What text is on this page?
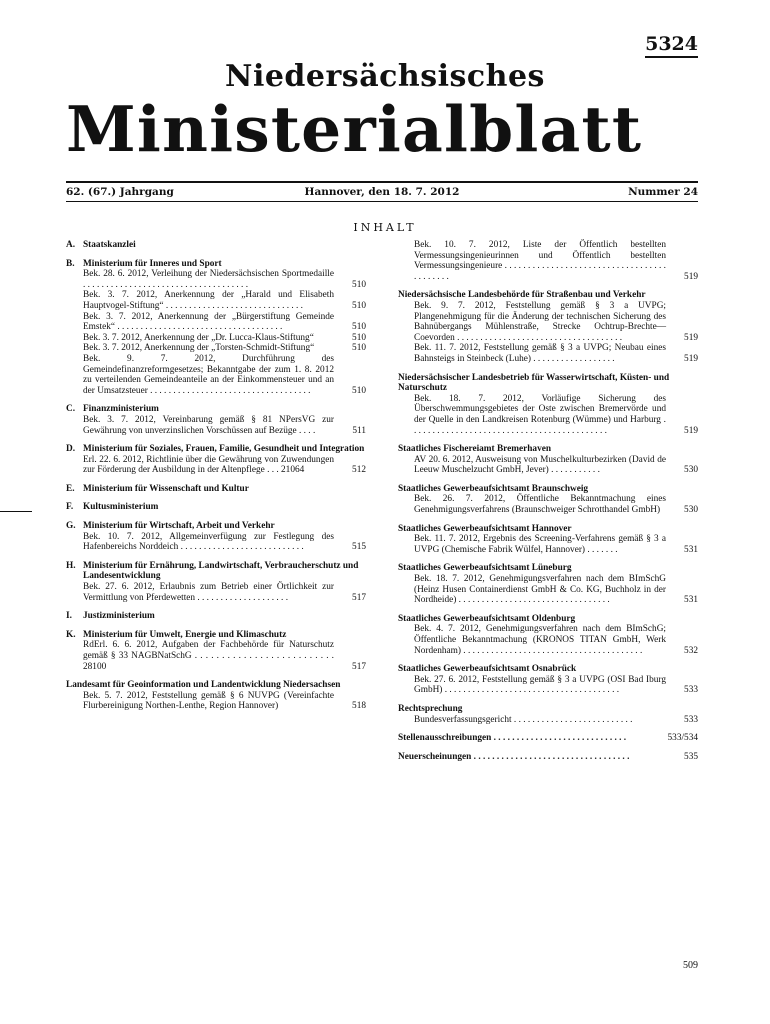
5324
Niedersächsisches
Ministerialblatt
62. (67.) Jahrgang	Hannover, den 18. 7. 2012	Nummer 24
INHALT
A. Staatskanzlei
B. Ministerium für Inneres und Sport
Bek. 28. 6. 2012, Verleihung der Niedersächsischen Sportmedaille . . . . . . . . . . . . . . . . . . . . . . . . . . . . . . . . . . . .	510
Bek. 3. 7. 2012, Anerkennung der „Harald und Elisabeth Hauptvogel-Stiftung“ . . . . . . . . . . . . . . . . . . . . . . . . . . . . . .	510
Bek. 3. 7. 2012, Anerkennung der „Bürgerstiftung Gemeinde Emstek“ . . . . . . . . . . . . . . . . . . . . . . . . . . . . . . . . . . . .	510
Bek. 3. 7. 2012, Anerkennung der „Dr. Lucca-Klaus-Stiftung“	510
Bek. 3. 7. 2012, Anerkennung der „Torsten-Schmidt-Stiftung“	510
Bek. 9. 7. 2012, Durchführung des Gemeindefinanzreformgesetzes; Bekanntgabe der zum 1. 8. 2012 zu verteilenden Gemeindeanteile an der Einkommensteuer und an der Umsatzsteuer . . . . . . . . . . . . . . . . . . . . . . . . . . . . . . . . . . .	510
C. Finanzministerium
Bek. 3. 7. 2012, Vereinbarung gemäß § 81 NPersVG zur Gewährung von unverzinslichen Vorschüssen auf Bezüge . . . .	511
D. Ministerium für Soziales, Frauen, Familie, Gesundheit und Integration
Erl. 22. 6. 2012, Richtlinie über die Gewährung von Zuwendungen zur Förderung der Ausbildung in der Altenpflege . . . 21064	512
E. Ministerium für Wissenschaft und Kultur
F.	Kultusministerium
G. Ministerium für Wirtschaft, Arbeit und Verkehr
Bek. 10. 7. 2012, Allgemeinverfügung zur Festlegung des Hafenbereichs Norddeich . . . . . . . . . . . . . . . . . . . . . . . . . . .	515
H. Ministerium für Ernährung, Landwirtschaft, Verbraucherschutz und Landesentwicklung
Bek. 27. 6. 2012, Erlaubnis zum Betrieb einer Örtlichkeit zur Vermittlung von Pferdewetten . . . . . . . . . . . . . . . . . . . .	517
I.	Justizministerium
K. Ministerium für Umwelt, Energie und Klimaschutz
RdErl. 6. 6. 2012, Aufgaben der Fachbehörde für Naturschutz gemäß § 33 NAGBNatSchG . . . . . . . . . . . . . . . . . . . . . . . . . . 28100	517
Landesamt für Geoinformation und Landentwicklung Niedersachsen
Bek. 5. 7. 2012, Feststellung gemäß § 6 NUVPG (Vereinfachte Flurbereinigung Northen-Lenthe, Region Hannover)	518
Bek. 10. 7. 2012, Liste der Öffentlich bestellten Vermessungsingenieurinnen und Öffentlich bestellten Vermessungsingenieure . . . . . . . . . . . . . . . . . . . . . . . . . . . . . . . . . . . . . . . . . . .	519
Niedersächsische Landesbehörde für Straßenbau und Verkehr
Bek. 9. 7. 2012, Feststellung gemäß § 3 a UVPG; Plangenehmigung für die Änderung der technischen Sicherung des Bahnübergangs Mühlenstraße, Strecke Ochtrup-Brechte—Coevorden . . . . . . . . . . . . . . . . . . . . . . . . . . . . . . . . . . . .	519
Bek. 11. 7. 2012, Feststellung gemäß § 3 a UVPG; Neubau eines Bahnsteigs in Steinbeck (Luhe) . . . . . . . . . . . . . . . . . .	519
Niedersächsischer Landesbetrieb für Wasserwirtschaft, Küsten- und Naturschutz
Bek. 18. 7. 2012, Vorläufige Sicherung des Überschwemmungsgebietes der Oste zwischen Bremervörde und der Quelle in den Landkreisen Rotenburg (Wümme) und Harburg . . . . . . . . . . . . . . . . . . . . . . . . . . . . . . . . . . . . . . . . . . .	519
Staatliches Fischereiamt Bremerhaven
AV 20. 6. 2012, Ausweisung von Muschelkulturbezirken (David de Leeuw Muschelzucht GmbH, Jever) . . . . . . . . . . .	530
Staatliches Gewerbeaufsichtsamt Braunschweig
Bek. 26. 7. 2012, Öffentliche Bekanntmachung eines Genehmigungsverfahrens (Braunschweiger Schrotthandel GmbH)	530
Staatliches Gewerbeaufsichtsamt Hannover
Bek. 11. 7. 2012, Ergebnis des Screening-Verfahrens gemäß § 3 a UVPG (Chemische Fabrik Wülfel, Hannover) . . . . . . .	531
Staatliches Gewerbeaufsichtsamt Lüneburg
Bek. 18. 7. 2012, Genehmigungsverfahren nach dem BImSchG (Heinz Husen Containerdienst GmbH & Co. KG, Buchholz in der Nordheide) . . . . . . . . . . . . . . . . . . . . . . . . . . . . . . . . .	531
Staatliches Gewerbeaufsichtsamt Oldenburg
Bek. 4. 7. 2012, Genehmigungsverfahren nach dem BImSchG; Öffentliche Bekanntmachung (KRONOS TITAN GmbH, Werk Nordenham) . . . . . . . . . . . . . . . . . . . . . . . . . . . . . . . . . . . . . . .	532
Staatliches Gewerbeaufsichtsamt Osnabrück
Bek. 27. 6. 2012, Feststellung gemäß § 3 a UVPG (OSI Bad Iburg GmbH) . . . . . . . . . . . . . . . . . . . . . . . . . . . . . . . . . . . . . .	533
Rechtsprechung
Bundesverfassungsgericht . . . . . . . . . . . . . . . . . . . . . . . . . .	533
Stellenausschreibungen . . . . . . . . . . . . . . . . . . . . . . . . . . . . .	533/534
Neuerscheinungen . . . . . . . . . . . . . . . . . . . . . . . . . . . . . . . . . .	535
509
